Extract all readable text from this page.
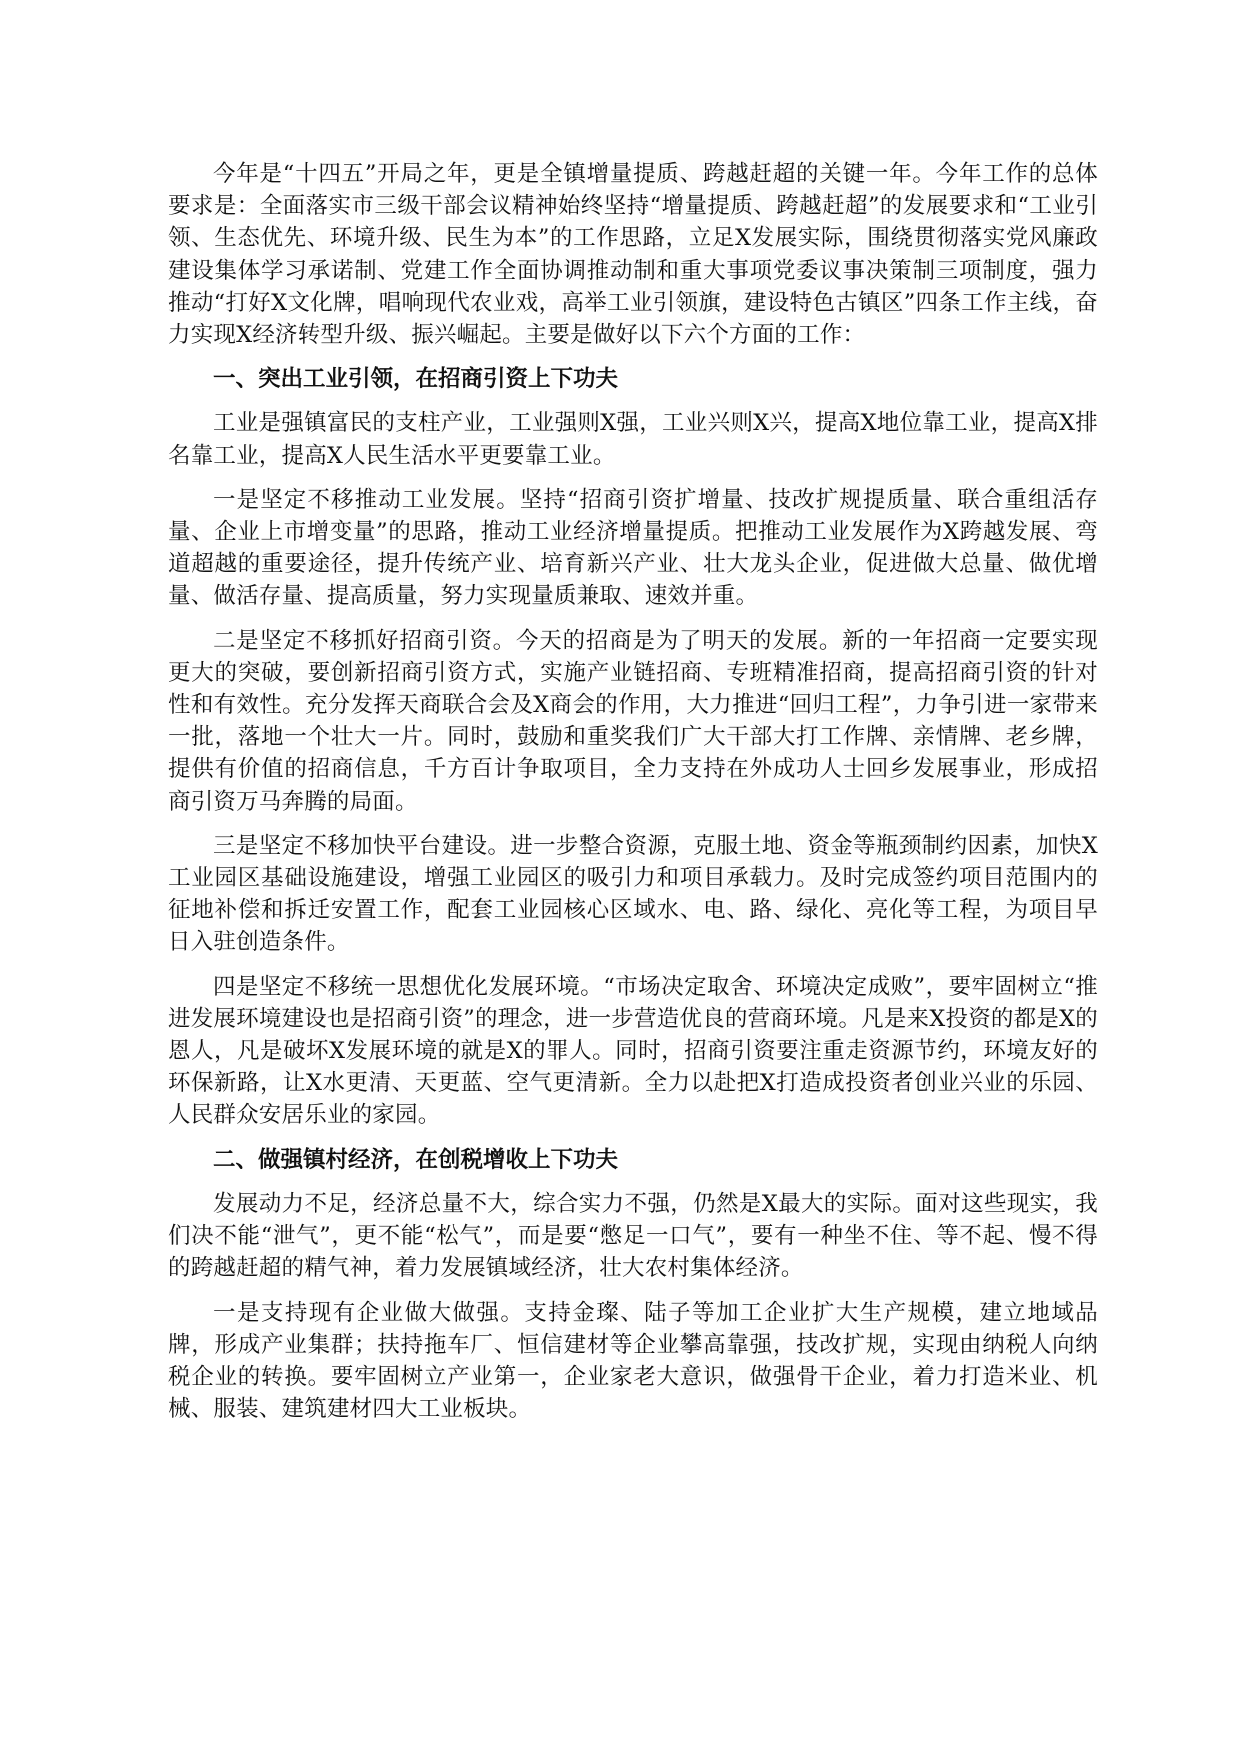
今年是“十四五”开局之年，更是全镇增量提质、跨越赶超的关键一年。今年工作的总体要求是：全面落实市三级干部会议精神始终坚持“增量提质、跨越赶超”的发展要求和“工业引领、生态优先、环境升级、民生为本”的工作思路，立足X发展实际，围绕贯彻落实党风廉政建设集体学习承诺制、党建工作全面协调推动制和重大事项党委议事决策制三项制度，强力推动“打好X文化牌，唱响现代农业戏，高举工业引领旗，建设特色古镇区”四条工作主线，奋力实现X经济转型升级、振兴崛起。主要是做好以下六个方面的工作：

一、突出工业引领，在招商引资上下功夫

工业是强镇富民的支柱产业，工业强则X强，工业兴则X兴，提高X地位靠工业，提高X排名靠工业，提高X人民生活水平更要靠工业。

一是坚定不移推动工业发展。坚持“招商引资扩增量、技改扩规提质量、联合重组活存量、企业上市增变量”的思路，推动工业经济增量提质。把推动工业发展作为X跨越发展、弯道超越的重要途径，提升传统产业、培育新兴产业、壮大龙头企业，促进做大总量、做优增量、做活存量、提高质量，努力实现量质兼取、速效并重。

二是坚定不移抓好招商引资。今天的招商是为了明天的发展。新的一年招商一定要实现更大的突破，要创新招商引资方式，实施产业链招商、专班精准招商，提高招商引资的针对性和有效性。充分发挥天商联合会及X商会的作用，大力推进“回归工程”，力争引进一家带来一批，落地一个壮大一片。同时，鼓励和重奖我们广大干部大打工作牌、亲情牌、老乡牌，提供有价值的招商信息，千方百计争取项目，全力支持在外成功人士回乡发展事业，形成招商引资万马奔腾的局面。

三是坚定不移加快平台建设。进一步整合资源，克服土地、资金等瓶颈制约因素，加快X工业园区基础设施建设，增强工业园区的吸引力和项目承载力。及时完成签约项目范围内的征地补偿和拆迁安置工作，配套工业园核心区域水、电、路、绿化、亮化等工程，为项目早日入驻创造条件。

四是坚定不移统一思想优化发展环境。“市场决定取舍、环境决定成败”，要牢固树立“推进发展环境建设也是招商引资”的理念，进一步营造优良的营商环境。凡是来X投资的都是X的恩人，凡是破坏X发展环境的就是X的罪人。同时，招商引资要注重走资源节约，环境友好的环保新路，让X水更清、天更蓝、空气更清新。全力以赴把X打造成投资者创业兴业的乐园、人民群众安居乐业的家园。

二、做强镇村经济，在创税增收上下功夫

发展动力不足，经济总量不大，综合实力不强，仍然是X最大的实际。面对这些现实，我们决不能“泄气”，更不能“松气”，而是要“憋足一口气”，要有一种坐不住、等不起、慢不得的跨越赶超的精气神，着力发展镇域经济，壮大农村集体经济。

一是支持现有企业做大做强。支持金璨、陆子等加工企业扩大生产规模，建立地域品牌，形成产业集群；扶持拖车厂、恒信建材等企业攀高靠强，技改扩规，实现由纳税人向纳税企业的转换。要牢固树立产业第一，企业家老大意识，做强骨干企业，着力打造米业、机械、服装、建筑建材四大工业板块。
